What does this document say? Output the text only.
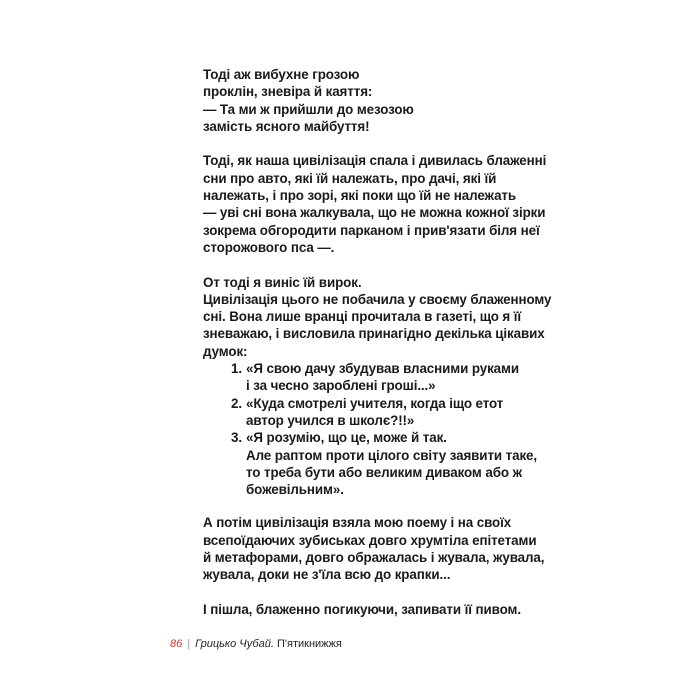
Тоді аж вибухне грозою
проклін, зневіра й каяття:
— Та ми ж прийшли до мезозою
замість ясного майбуття!
Тоді, як наша цивілізація спала і дивилась блаженні
сни про авто, які їй належать, про дачі, які їй
належать, і про зорі, які поки що їй не належать
— уві сні вона жалкувала, що не можна кожної зірки
зокрема обгородити парканом і прив'язати біля неї
сторожового пса —.
От тоді я виніс їй вирок.
Цивілізація цього не побачила у своєму блаженному
сні. Вона лише вранці прочитала в газеті, що я її
зневажаю, і висловила принагідно декілька цікавих
думок:
1. «Я свою дачу збудував власними руками
і за чесно зароблені гроші...»
2. «Куда смотрелі учителя, когда іщо етот
автор учился в школє?!!»
3. «Я розумію, що це, може й так.
Але раптом проти цілого світу заявити таке,
то треба бути або великим диваком або ж
божевільним».
А потім цивілізація взяла мою поему і на своїх
всепоїдаючих зубиськах довго хрумтіла епітетами
й метафорами, довго ображалась і жувала, жувала,
жувала, доки не з'їла всю до крапки...
І пішла, блаженно погикуючи, запивати її пивом.
86 | Грицько Чубай. П'ятикнижжя
